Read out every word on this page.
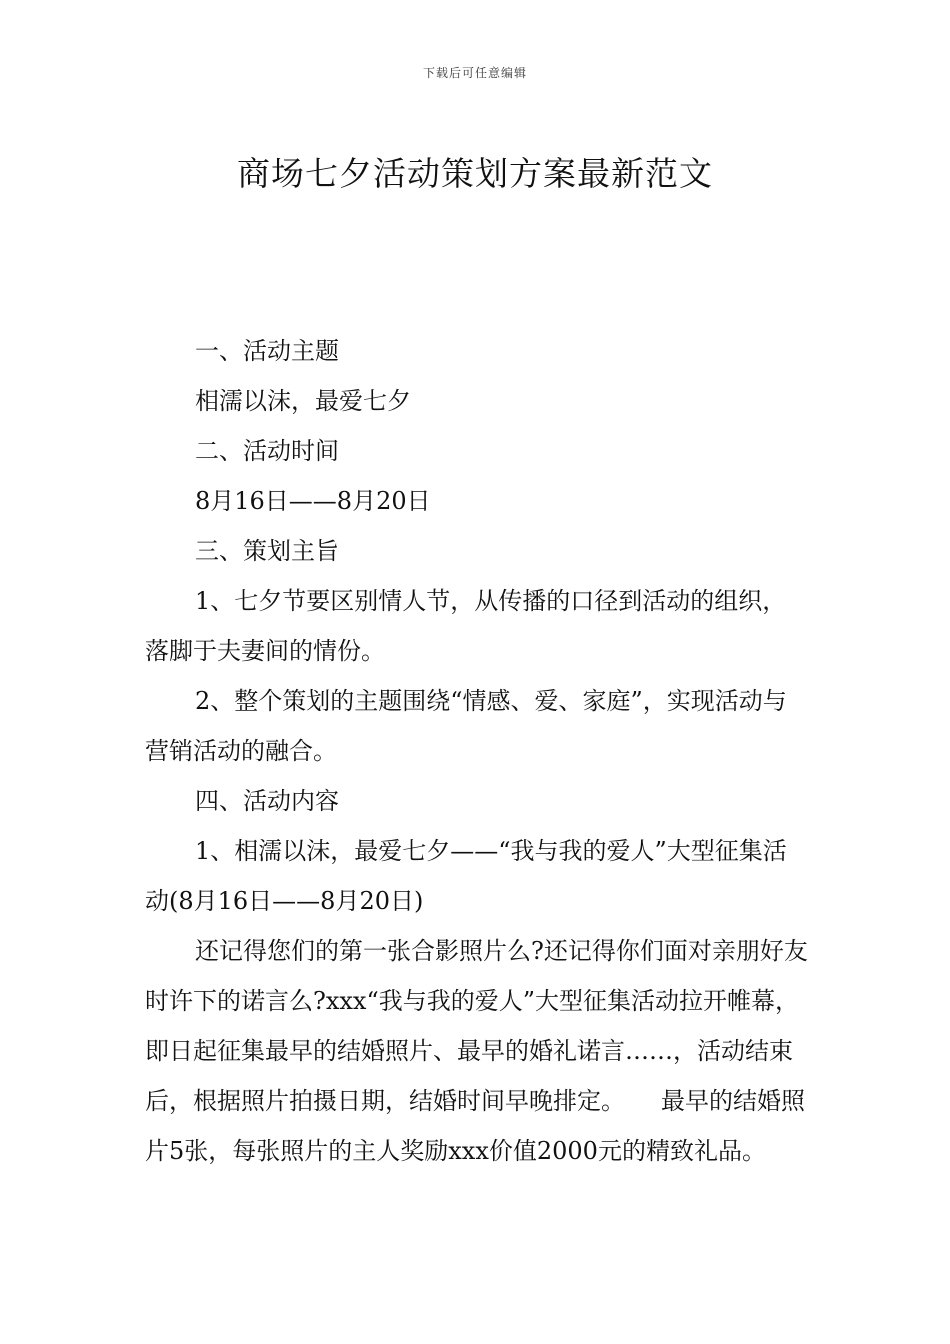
下载后可任意编辑
商场七夕活动策划方案最新范文

一、活动主题

相濡以沫，最爱七夕

二、活动时间

8月16日——8月20日

三、策划主旨

1、七夕节要区别情人节，从传播的口径到活动的组织，落脚于夫妻间的情份。

2、整个策划的主题围绕“情感、爱、家庭”，实现活动与营销活动的融合。

四、活动内容

1、相濡以沫，最爱七夕——“我与我的爱人”大型征集活动(8月16日——8月20日)

还记得您们的第一张合影照片么?还记得你们面对亲朋好友时许下的诺言么?xxx“我与我的爱人”大型征集活动拉开帷幕，即日起征集最早的结婚照片、最早的婚礼诺言……，活动结束后，根据照片拍摄日期，结婚时间早晚排定。　　最早的结婚照片5张，每张照片的主人奖励xxx价值2000元的精致礼品。
